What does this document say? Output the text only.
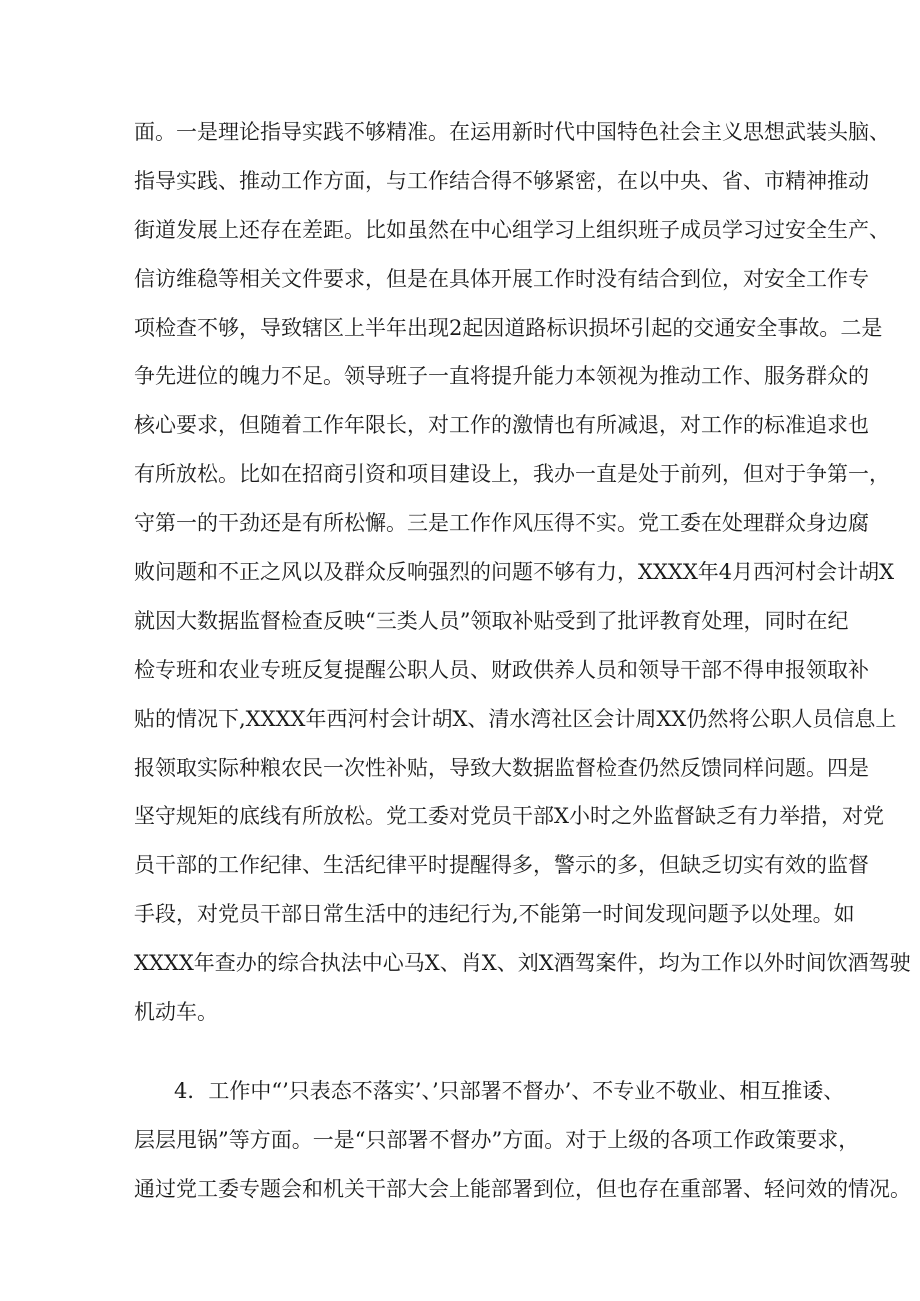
面。一是理论指导实践不够精准。在运用新时代中国特色社会主义思想武装头脑、
指导实践、推动工作方面，与工作结合得不够紧密，在以中央、省、市精神推动
街道发展上还存在差距。比如虽然在中心组学习上组织班子成员学习过安全生产、
信访维稳等相关文件要求，但是在具体开展工作时没有结合到位，对安全工作专
项检查不够，导致辖区上半年出现2起因道路标识损坏引起的交通安全事故。二是
争先进位的魄力不足。领导班子一直将提升能力本领视为推动工作、服务群众的
核心要求，但随着工作年限长，对工作的激情也有所减退，对工作的标准追求也
有所放松。比如在招商引资和项目建设上，我办一直是处于前列，但对于争第一，
守第一的干劲还是有所松懈。三是工作作风压得不实。党工委在处理群众身边腐
败问题和不正之风以及群众反响强烈的问题不够有力，XXXX年4月西河村会计胡X
就因大数据监督检查反映“三类人员”领取补贴受到了批评教育处理，同时在纪
检专班和农业专班反复提醒公职人员、财政供养人员和领导干部不得申报领取补
贴的情况下,XXXX年西河村会计胡X、清水湾社区会计周XX仍然将公职人员信息上
报领取实际种粮农民一次性补贴，导致大数据监督检查仍然反馈同样问题。四是
坚守规矩的底线有所放松。党工委对党员干部X小时之外监督缺乏有力举措，对党
员干部的工作纪律、生活纪律平时提醒得多，警示的多，但缺乏切实有效的监督
手段，对党员干部日常生活中的违纪行为,不能第一时间发现问题予以处理。如
XXXX年查办的综合执法中心马X、肖X、刘X酒驾案件，均为工作以外时间饮酒驾驶
机动车。
4．工作中“’只表态不落实’、’只部署不督办’、不专业不敬业、相互推诿、
层层甩锅”等方面。一是“只部署不督办”方面。对于上级的各项工作政策要求，
通过党工委专题会和机关干部大会上能部署到位，但也存在重部署、轻问效的情况。
